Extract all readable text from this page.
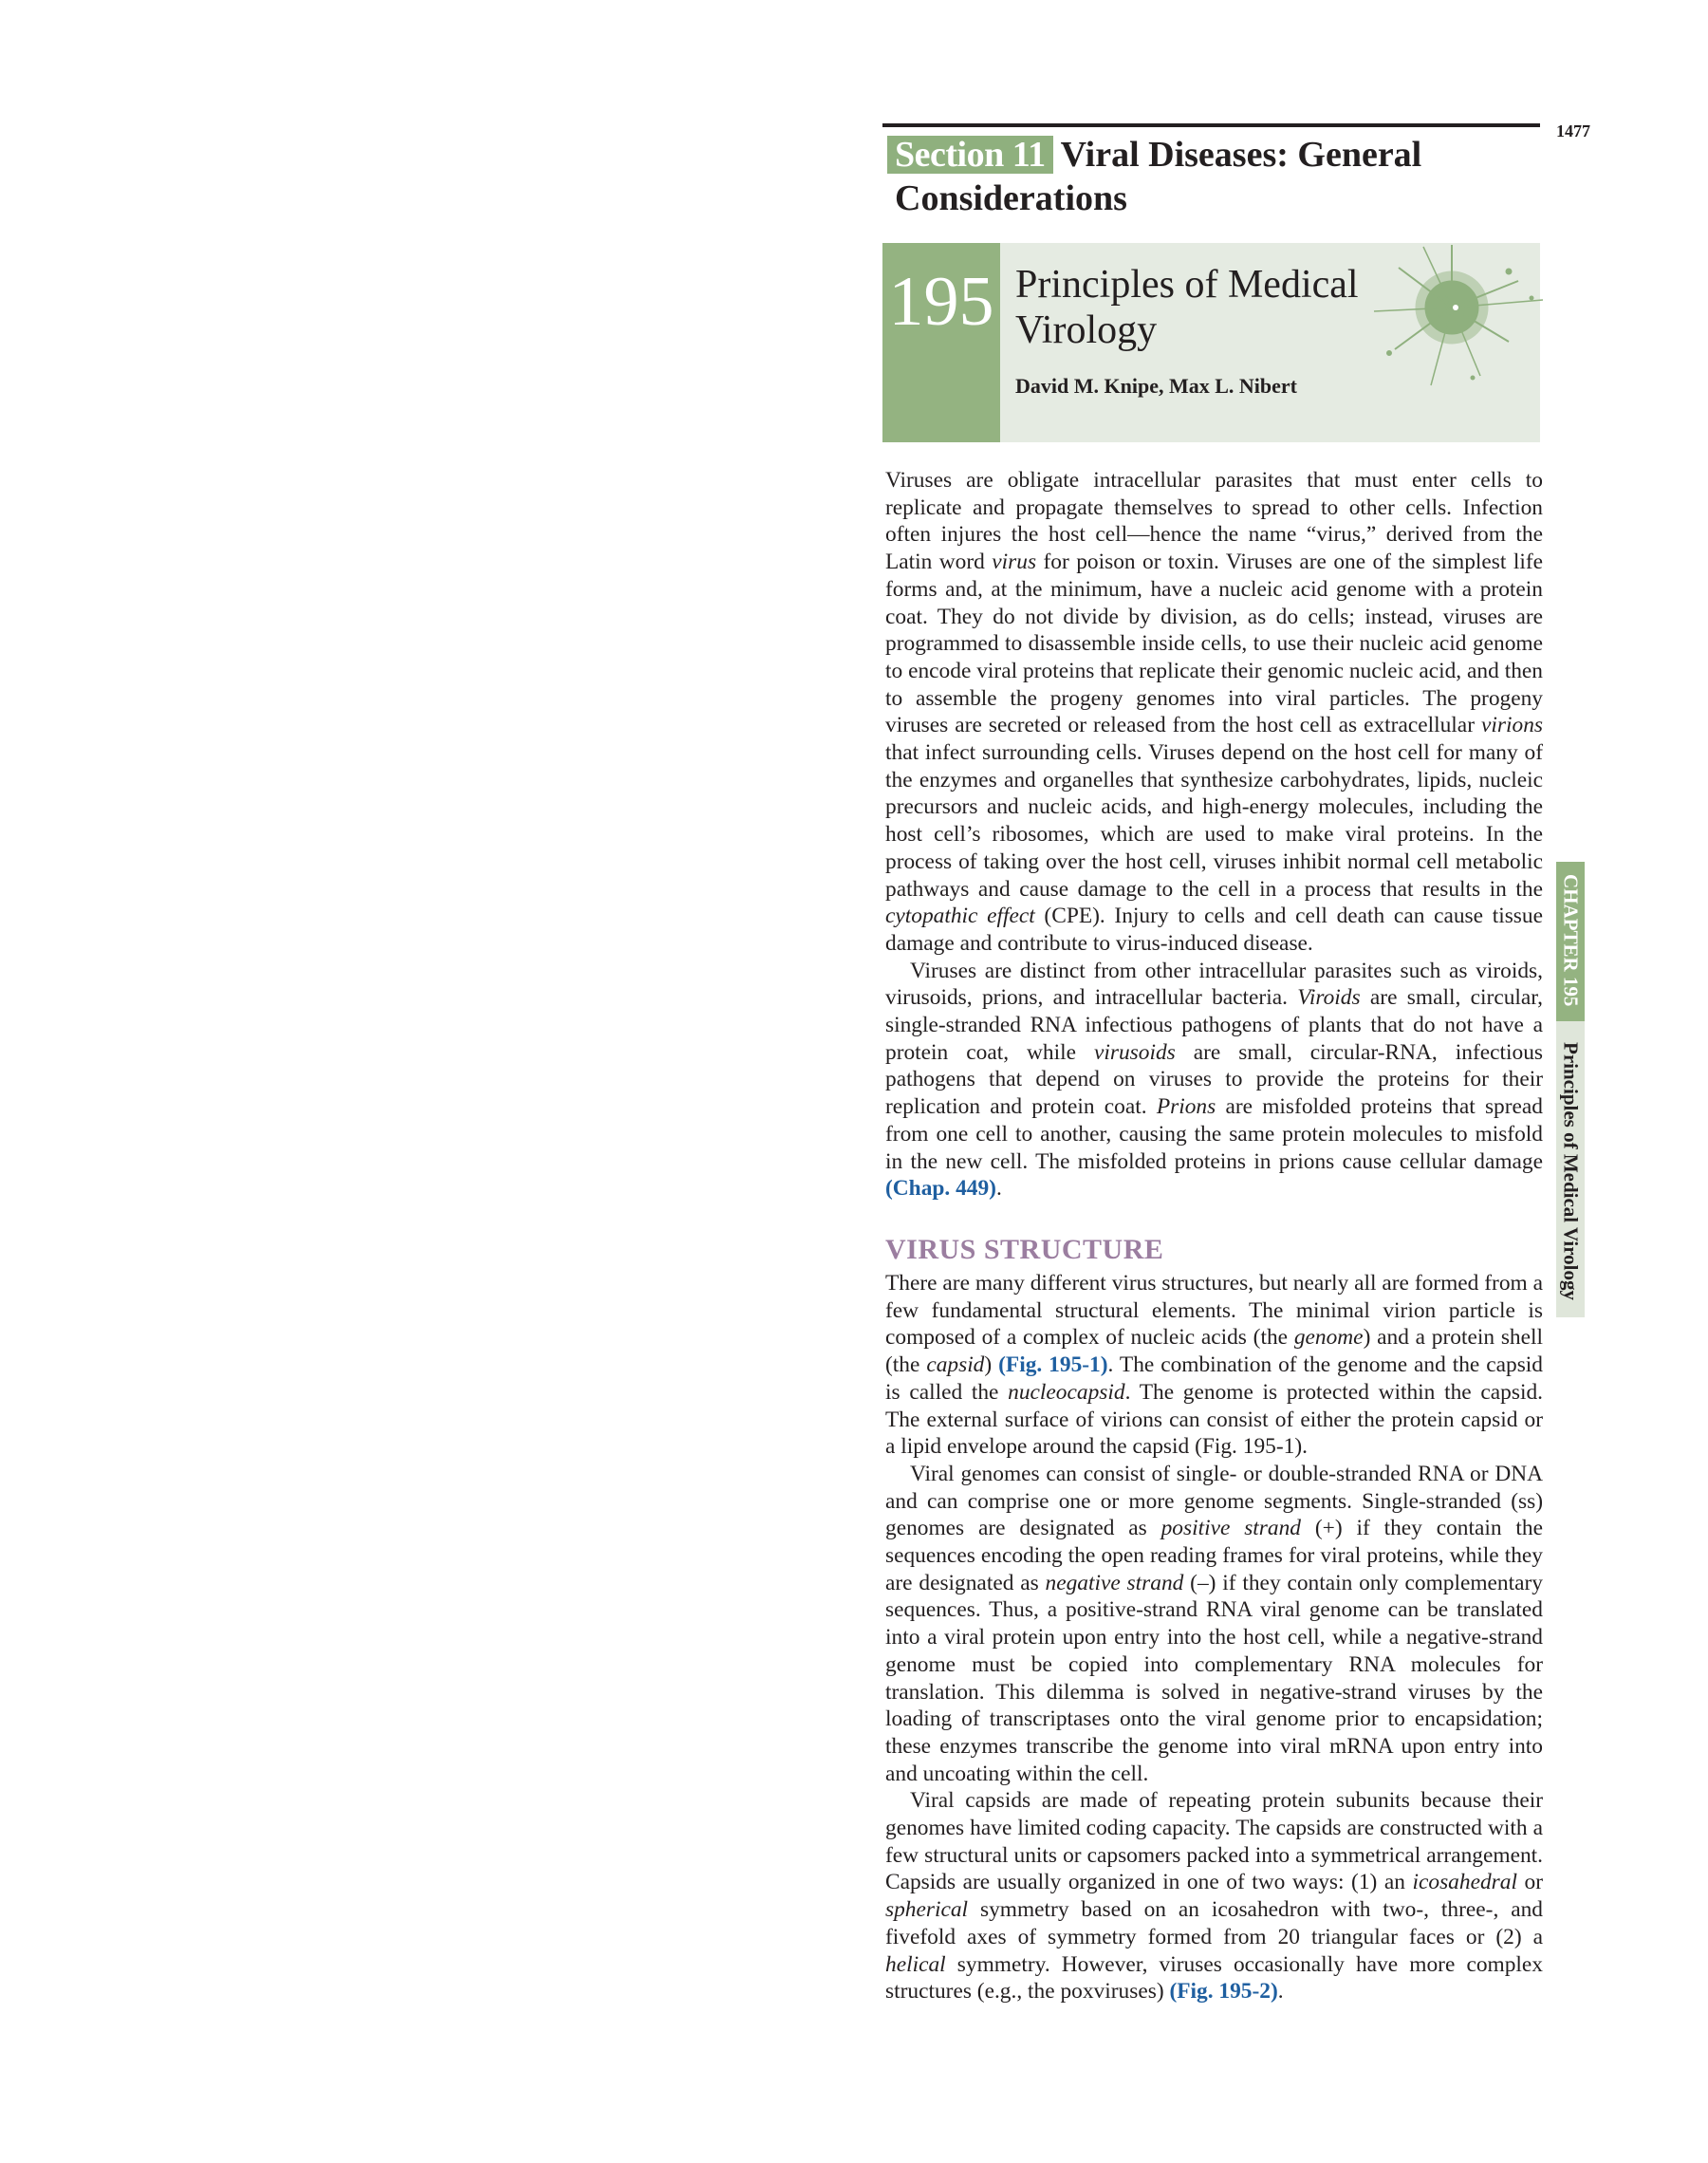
1477
Section 11 Viral Diseases: General
Considerations
195 Principles of Medical Virology
David M. Knipe, Max L. Nibert

Viruses are obligate intracellular parasites that must enter cells to replicate and propagate themselves to spread to other cells. Infection often injures the host cell—hence the name “virus,” derived from the Latin word virus for poison or toxin. Viruses are one of the simplest life forms and, at the minimum, have a nucleic acid genome with a protein coat. They do not divide by division, as do cells; instead, viruses are programmed to disassemble inside cells, to use their nucleic acid genome to encode viral proteins that replicate their genomic nucleic acid, and then to assemble the progeny genomes into viral particles. The progeny viruses are secreted or released from the host cell as extracellular virions that infect surrounding cells. Viruses depend on the host cell for many of the enzymes and organelles that synthesize carbohydrates, lipids, nucleic precursors and nucleic acids, and high-energy molecules, including the host cell’s ribosomes, which are used to make viral proteins. In the process of taking over the host cell, viruses inhibit normal cell metabolic pathways and cause damage to the cell in a process that results in the cytopathic effect (CPE). Injury to cells and cell death can cause tissue damage and contribute to virus-induced disease.

Viruses are distinct from other intracellular parasites such as viroids, virusoids, prions, and intracellular bacteria. Viroids are small, circular, single-stranded RNA infectious pathogens of plants that do not have a protein coat, while virusoids are small, circular-RNA, infectious pathogens that depend on viruses to provide the proteins for their replication and protein coat. Prions are misfolded proteins that spread from one cell to another, causing the same protein molecules to misfold in the new cell. The misfolded proteins in prions cause cellular damage (Chap. 449).

VIRUS STRUCTURE

There are many different virus structures, but nearly all are formed from a few fundamental structural elements. The minimal virion particle is composed of a complex of nucleic acids (the genome) and a protein shell (the capsid) (Fig. 195-1). The combination of the genome and the capsid is called the nucleocapsid. The genome is protected within the capsid. The external surface of virions can consist of either the protein capsid or a lipid envelope around the capsid (Fig. 195-1).

Viral genomes can consist of single- or double-stranded RNA or DNA and can comprise one or more genome segments. Single-stranded (ss) genomes are designated as positive strand (+) if they contain the sequences encoding the open reading frames for viral proteins, while they are designated as negative strand (–) if they contain only complementary sequences. Thus, a positive-strand RNA viral genome can be translated into a viral protein upon entry into the host cell, while a negative-strand genome must be copied into complementary RNA molecules for translation. This dilemma is solved in negative-strand viruses by the loading of transcriptases onto the viral genome prior to encapsidation; these enzymes transcribe the genome into viral mRNA upon entry into and uncoating within the cell.

Viral capsids are made of repeating protein subunits because their genomes have limited coding capacity. The capsids are constructed with a few structural units or capsomers packed into a symmetrical arrangement. Capsids are usually organized in one of two ways: (1) an icosahedral or spherical symmetry based on an icosahedron with two-, three-, and fivefold axes of symmetry formed from 20 triangular faces or (2) a helical symmetry. However, viruses occasionally have more complex structures (e.g., the poxviruses) (Fig. 195-2).

CHAPTER 195
Principles of Medical Virology
